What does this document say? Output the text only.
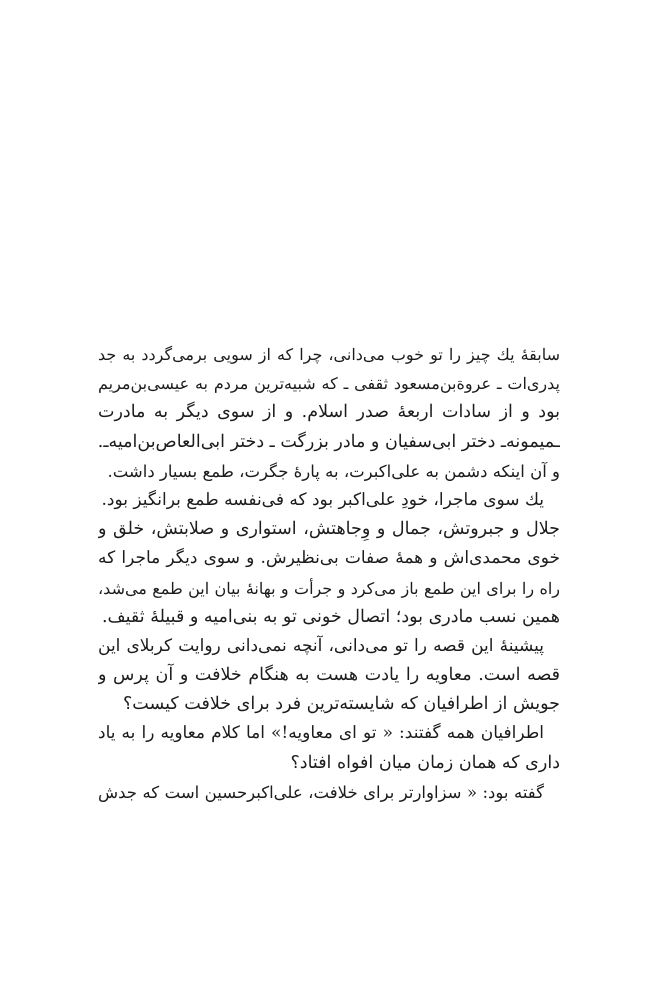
سابقهٔ یك چیز را تو خوب می‌دانی، چرا که از سویی برمی‌گردد به جد
پدری‌ات ـ عروةبن‌مسعود ثقفی ـ که شبیه‌ترین مردم به عیسی‌بن‌مریم
بود و از سادات اربعهٔ صدر اسلام. و از سوی دیگر به مادرت
ـمیمونه‌ـ دختر ابی‌سفیان و مادر بزرگت ـ دختر ابی‌العاص‌بن‌امیه‌ـ.
و آن اینکه دشمن به علی‌اکبرت، به پارهٔ جگرت، طمع بسیار داشت.
یك سوی ماجرا، خودِ علی‌اکبر بود که فی‌نفسه طمع برانگیز بود.
جلال و جبروتش، جمال و وِجاهتش، استواری و صلابتش، خلق و
خوی محمدی‌اش و همهٔ صفات بی‌نظیرش. و سوی دیگر ماجرا که
راه را برای این طمع باز می‌کرد و جرأت و بهانهٔ بیان این طمع می‌شد،
همین نسب مادری بود؛ اتصال خونی تو به بنی‌امیه و قبیلهٔ ثقیف.
پیشینهٔ این قصه را تو می‌دانی، آنچه نمی‌دانی روایت کربلای این
قصه است. معاویه را یادت هست به هنگام خلافت و آن پرس و
جویش از اطرافیان که شایسته‌ترین فرد برای خلافت کیست؟
اطرافیان همه گفتند: « تو ای معاویه!» اما کلام معاویه را به یاد
داری که همان زمان میان افواه افتاد؟
گفته بود: « سزاوارتر برای خلافت، علی‌اکبرحسین است که جدش
